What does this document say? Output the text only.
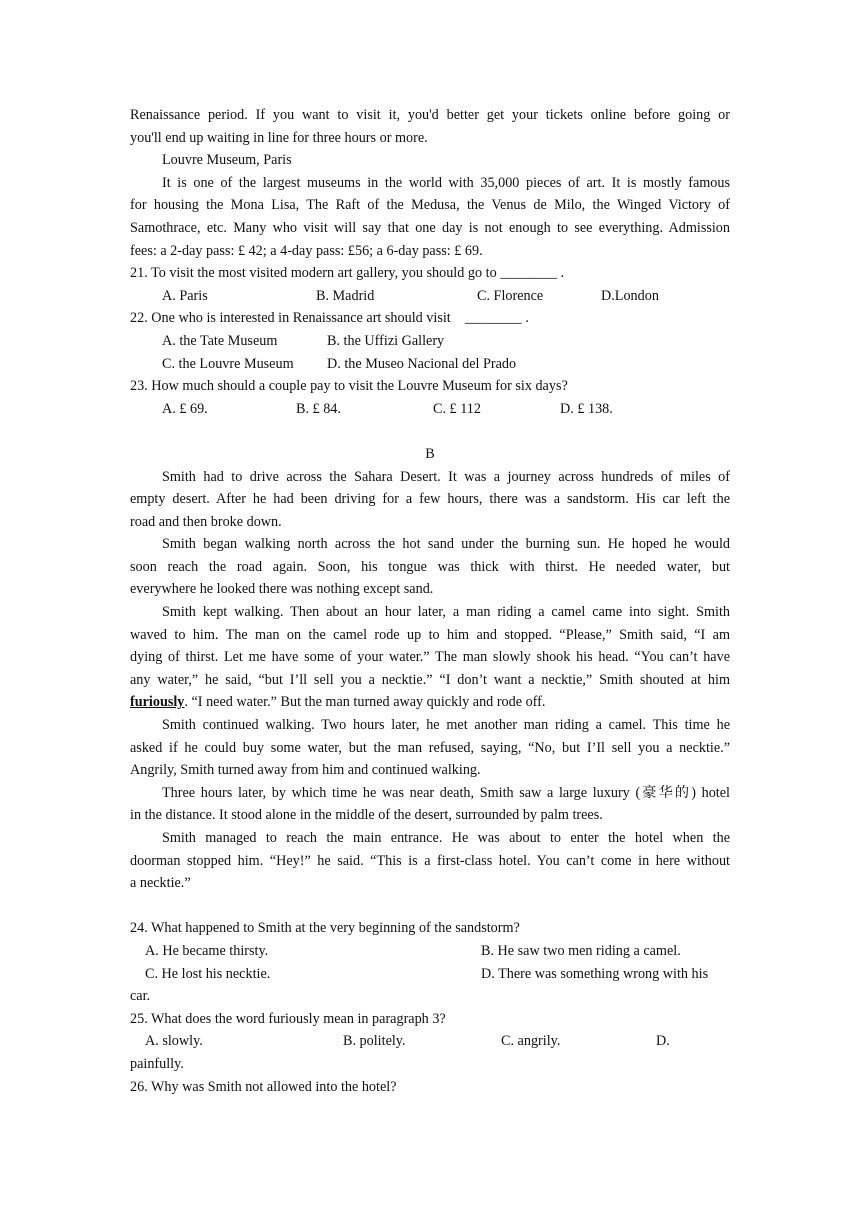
Renaissance period. If you want to visit it, you'd better get your tickets online before going or
you'll end up waiting in line for three hours or more.
Louvre Museum, Paris
It is one of the largest museums in the world with 35,000 pieces of art. It is mostly famous
for housing the Mona Lisa, The Raft of the Medusa, the Venus de Milo, the Winged Victory of
Samothrace, etc. Many who visit will say that one day is not enough to see everything. Admission
fees: a 2-day pass: £ 42; a 4-day pass: £56; a 6-day pass: £ 69.
21. To visit the most visited modern art gallery, you should go to ________ .
A. Paris	B. Madrid	C. Florence	D.London
22. One who is interested in Renaissance art should visit    ________ .
A. the Tate Museum	B. the Uffizi Gallery
C. the Louvre Museum D. the Museo Nacional del Prado
23. How much should a couple pay to visit the Louvre Museum for six days?
A. £ 69.	B. £ 84.	C. £ 112	D. £ 138.
B
Smith had to drive across the Sahara Desert. It was a journey across hundreds of miles of
empty desert. After he had been driving for a few hours, there was a sandstorm. His car left the
road and then broke down.
Smith began walking north across the hot sand under the burning sun. He hoped he would
soon reach the road again. Soon, his tongue was thick with thirst. He needed water, but
everywhere he looked there was nothing except sand.
Smith kept walking. Then about an hour later, a man riding a camel came into sight. Smith
waved to him. The man on the camel rode up to him and stopped. “Please,” Smith said, “I am
dying of thirst. Let me have some of your water.” The man slowly shook his head. “You can’t have
any water,” he said, “but I’ll sell you a necktie.” “I don’t want a necktie,” Smith shouted at him
furiously. “I need water.” But the man turned away quickly and rode off.
Smith continued walking. Two hours later, he met another man riding a camel. This time he
asked if he could buy some water, but the man refused, saying, “No, but I’Il sell you a necktie.”
Angrily, Smith turned away from him and continued walking.
Three hours later, by which time he was near death, Smith saw a large luxury (豪华的) hotel
in the distance. It stood alone in the middle of the desert, surrounded by palm trees.
Smith managed to reach the main entrance. He was about to enter the hotel when the
doorman stopped him. “Hey!” he said. “This is a first-class hotel. You can’t come in here without
a necktie.”
24. What happened to Smith at the very beginning of the sandstorm?
A. He became thirsty.	B. He saw two men riding a camel.
C. He lost his necktie.	D. There was something wrong with his
car.
25. What does the word furiously mean in paragraph 3?
A. slowly.	B. politely.	C. angrily.	D.
painfully.
26. Why was Smith not allowed into the hotel?
